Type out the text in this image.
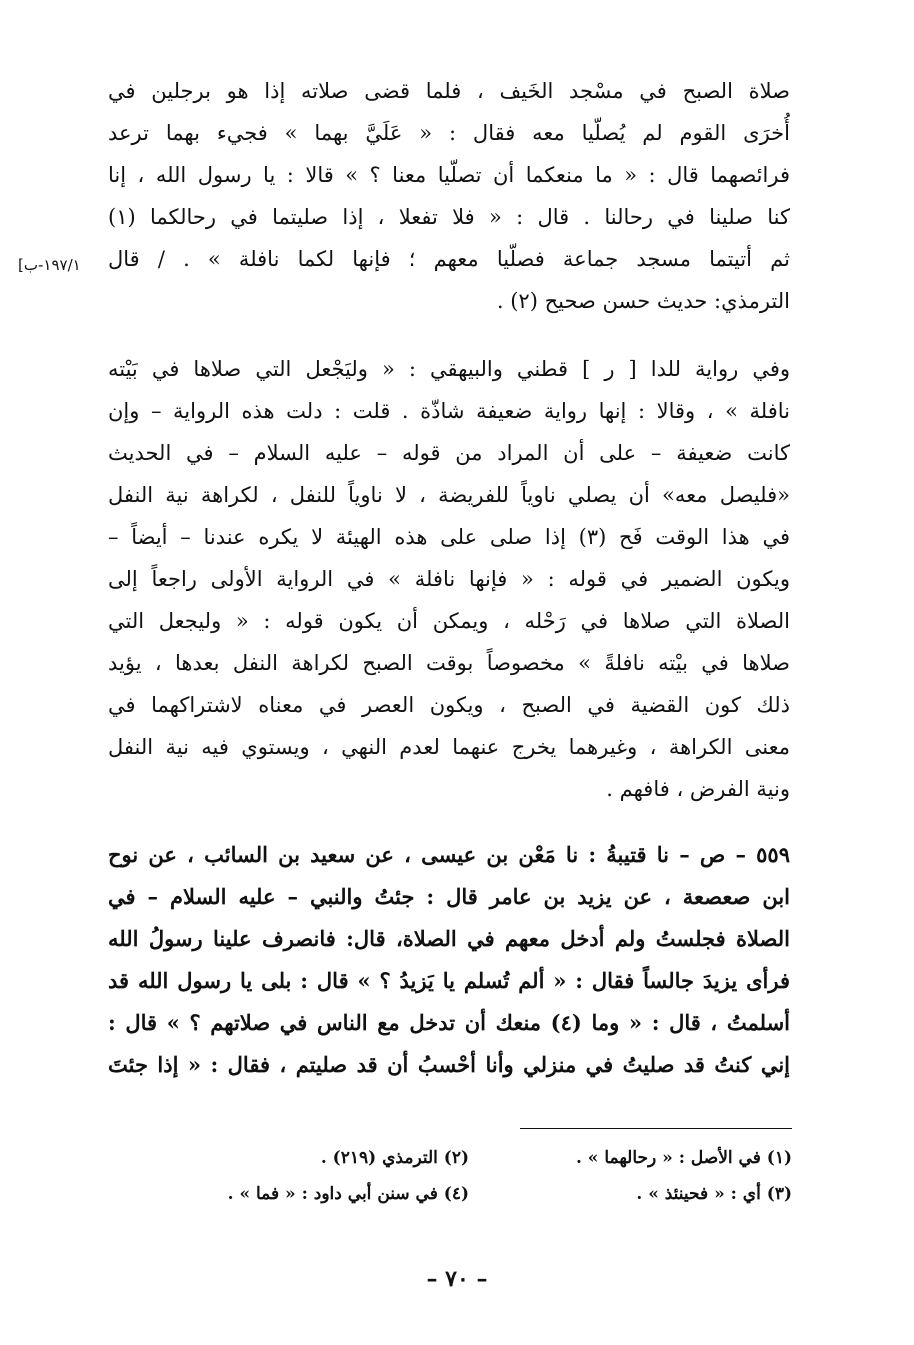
[١٩٧/١-ب
صلاة الصبح في مسْجد الخَيف ، فلما قضى صلاته إذا هو برجلين في
أُخرَى القوم لم يُصلّيا معه فقال : « عَلَيَّ بهما » فجيء بهما ترعد
فرائصهما قال : « ما منعكما أن تصلّيا معنا ؟ » قالا : يا رسول الله ، إنا
كنا صلينا في رحالنا . قال : « فلا تفعلا ، إذا صليتما في رحالكما (١)
ثم أتيتما مسجد جماعة فصلّيا معهم ؛ فإنها لكما نافلة » . / قال
الترمذي: حديث حسن صحيح (٢) .
وفي رواية للدا [ ر ] قطني والبيهقي : « وليَجْعل التي صلاها في بَيْته
نافلة » ، وقالا : إنها رواية ضعيفة شاذّة . قلت : دلت هذه الرواية – وإن
كانت ضعيفة – على أن المراد من قوله – عليه السلام – في الحديث
«فليصل معه» أن يصلي ناوياً للفريضة ، لا ناوياً للنفل ، لكراهة نية النفل
في هذا الوقت فَح (٣) إذا صلى على هذه الهيئة لا يكره عندنا – أيضاً –
ويكون الضمير في قوله : « فإنها نافلة » في الرواية الأولى راجعاً إلى
الصلاة التي صلاها في رَحْله ، ويمكن أن يكون قوله : « وليجعل التي
صلاها في بيْته نافلةً » مخصوصاً بوقت الصبح لكراهة النفل بعدها ، يؤيد
ذلك كون القضية في الصبح ، ويكون العصر في معناه لاشتراكهما في
معنى الكراهة ، وغيرهما يخرج عنهما لعدم النهي ، ويستوي فيه نية النفل
ونية الفرض ، فافهم .
٥٥٩ – ص – نا قتيبةُ : نا مَعْن بن عيسى ، عن سعيد بن السائب ، عن نوح
ابن صعصعة ، عن يزيد بن عامر قال : جئتُ والنبي – عليه السلام – في
الصلاة فجلستُ ولم أدخل معهم في الصلاة، قال: فانصرف علينا رسولُ الله
فرأى يزيدَ جالساً فقال : « ألم تُسلم يا يَزيدُ ؟ » قال : بلى يا رسول الله قد
أسلمتُ ، قال : « وما (٤) منعك أن تدخل مع الناس في صلاتهم ؟ » قال :
إني كنتُ قد صليتُ في منزلي وأنا أحْسبُ أن قد صليتم ، فقال : « إذا جئتَ
(١) في الأصل : « رحالهما » .
(٢) الترمذي (٢١٩) .
(٣) أي : « فحينئذ » .
(٤) في سنن أبي داود : « فما » .
– ٧٠ –
